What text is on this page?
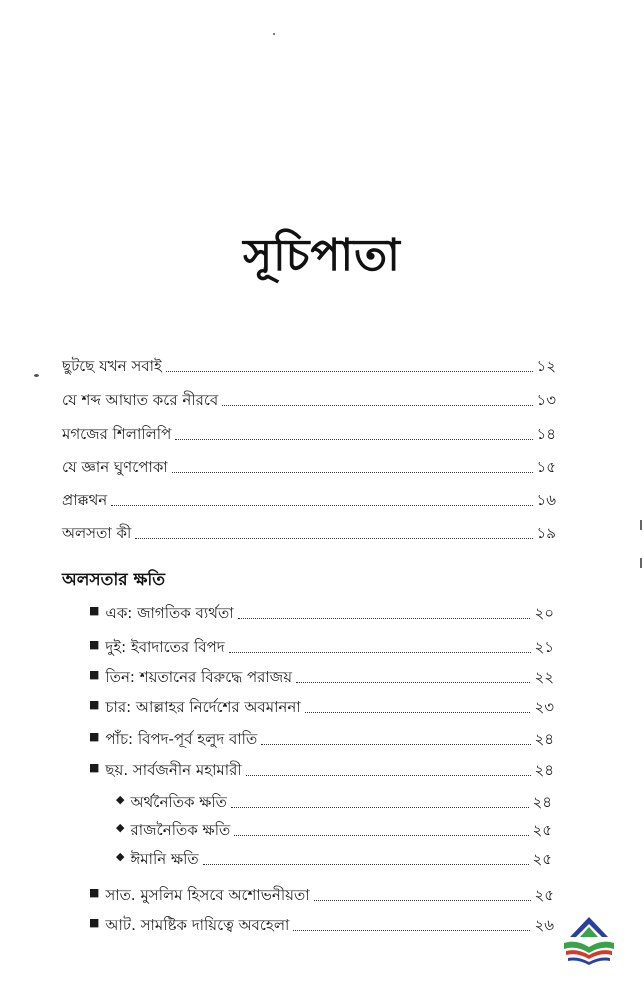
সূচিপাতা
ছুটছে যখন সবাই	১২
যে শব্দ আঘাত করে নীরবে	১৩
মগজের শিলালিপি	১৪
যে জ্ঞান ঘুণপোকা	১৫
প্রাক্কথন	১৬
অলসতা কী	১৯
অলসতার ক্ষতি
■ এক: জাগতিক ব্যর্থতা	২০
■ দুই: ইবাদাতের বিপদ	২১
■ তিন: শয়তানের বিরুদ্ধে পরাজয়	২২
■ চার: আল্লাহর নির্দেশের অবমাননা	২৩
■ পাঁচ: বিপদ-পূর্ব হলুদ বাতি	২৪
■ ছয়. সার্বজনীন মহামারী	২৪
◆ অর্থনৈতিক ক্ষতি	২৪
◆ রাজনৈতিক ক্ষতি	২৫
◆ ঈমানি ক্ষতি	২৫
■ সাত. মুসলিম হিসবে অশোভনীয়তা	২৫
■ আট. সামষ্টিক দায়িত্বে অবহেলা	২৬
